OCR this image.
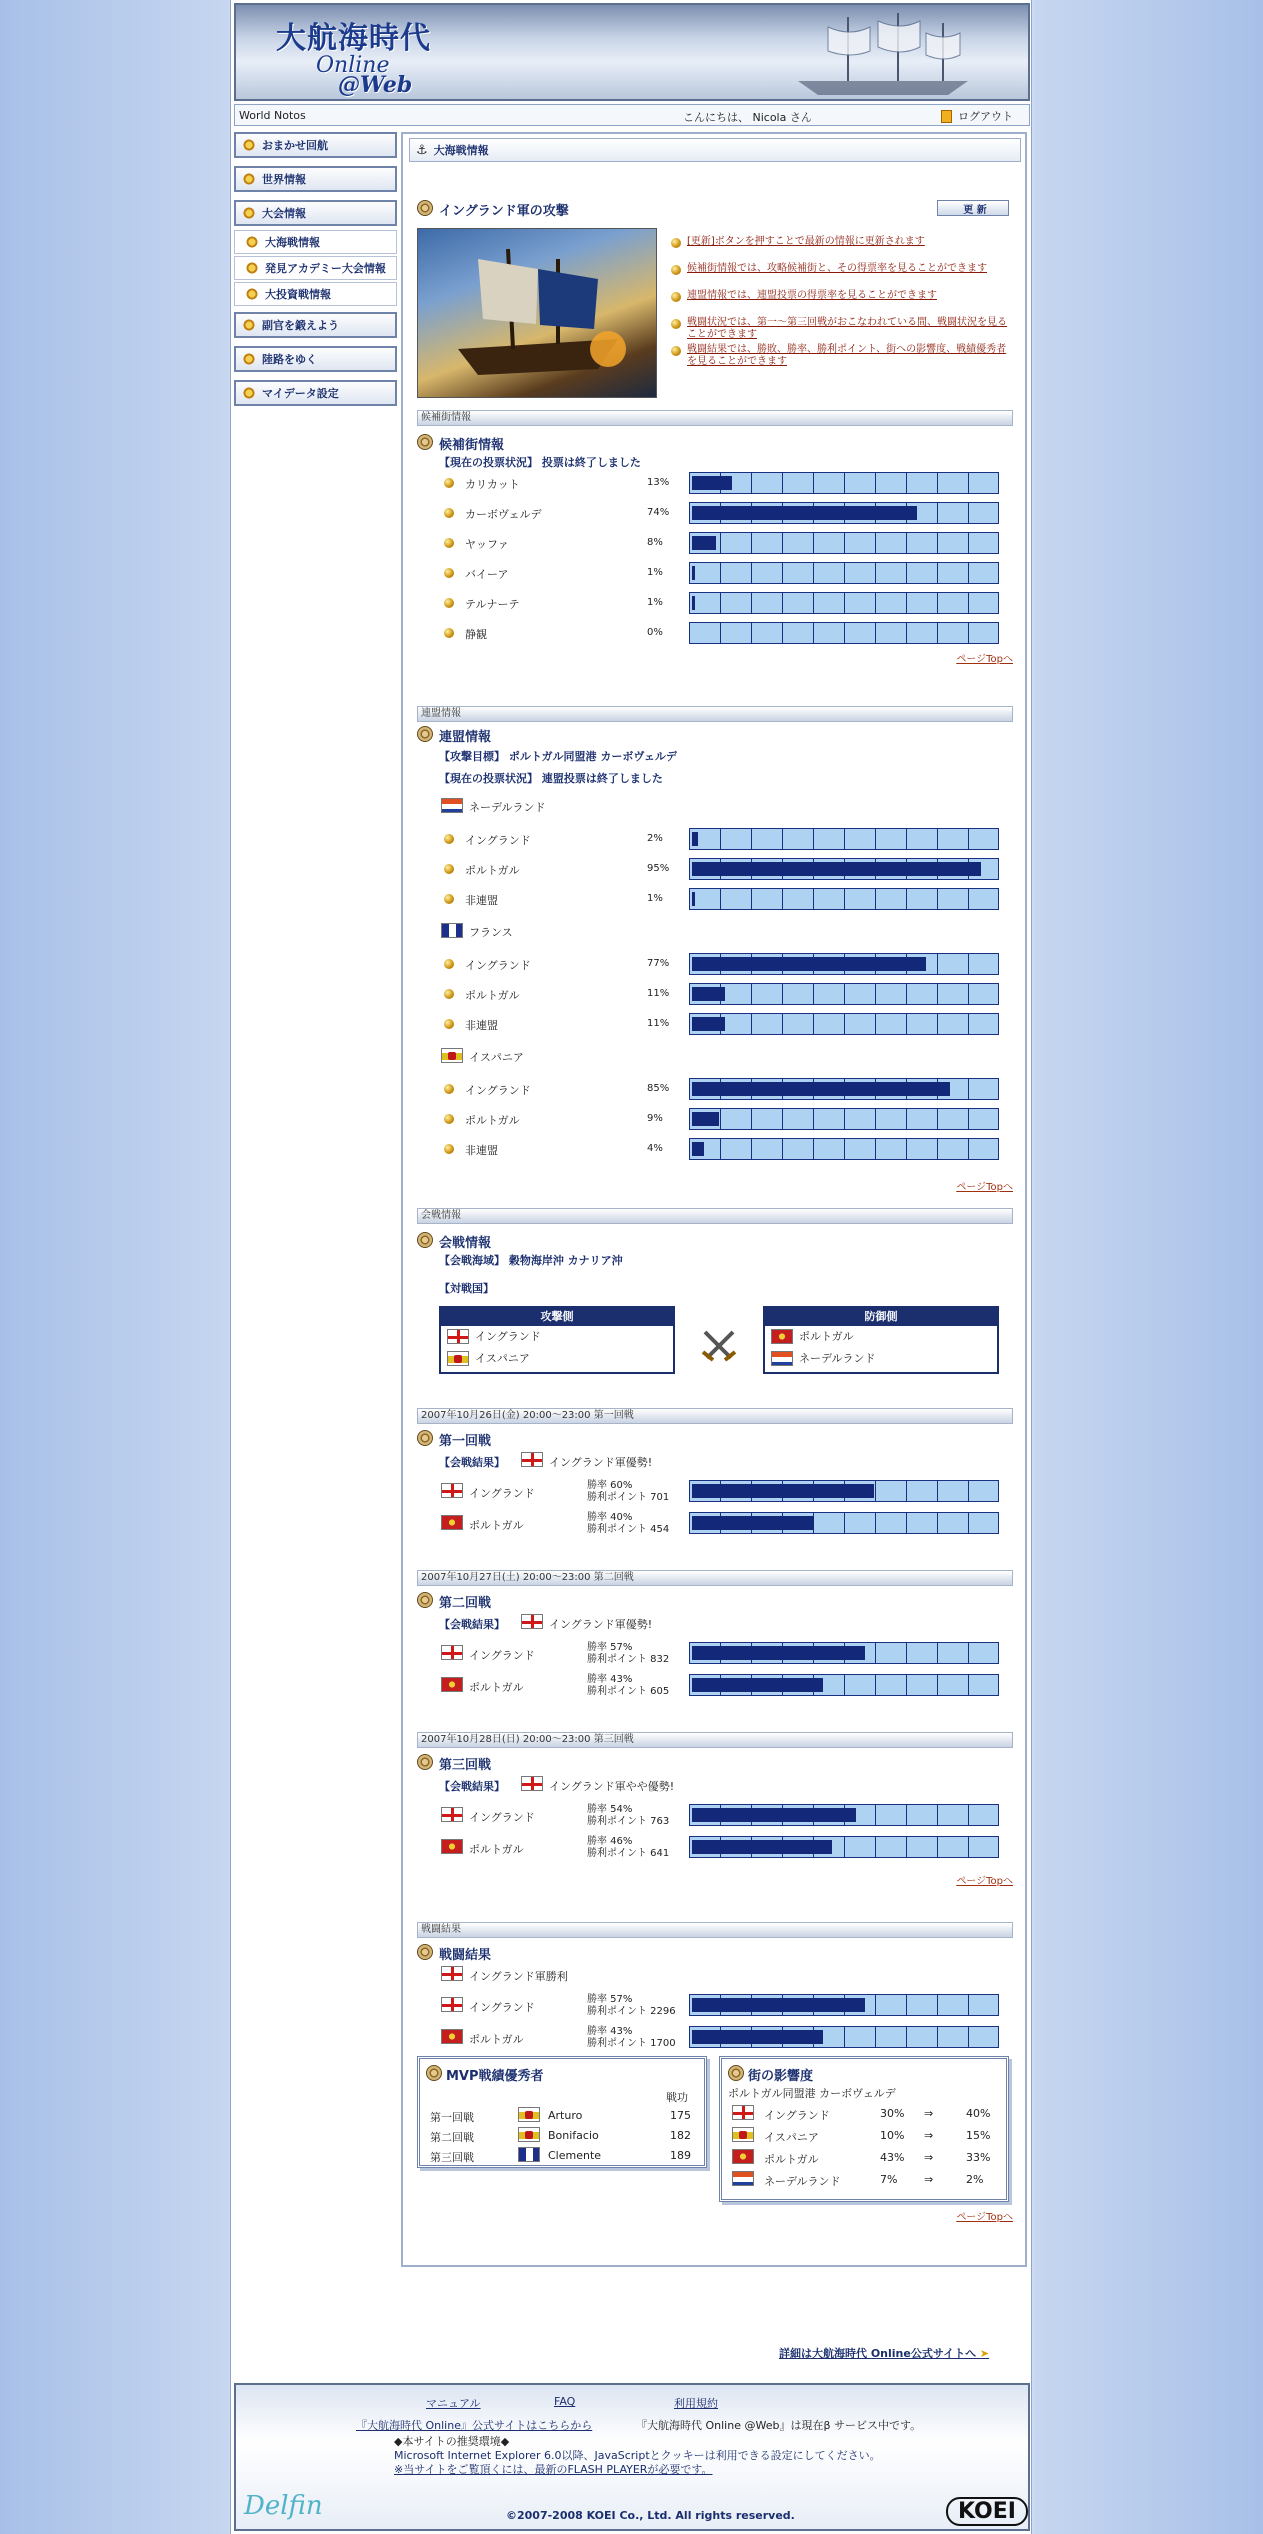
大航海時代
Online
@Web
World Notos	こんにちは、 Nicola さん	ログアウト
おまかせ回航
世界情報
大会情報
大海戦情報
発見アカデミー大会情報
大投資戦情報
副官を鍛えよう
陸路をゆく
マイデータ設定
⚓ 大海戦情報
イングランド軍の攻撃	更 新
[更新]ボタンを押すことで最新の情報に更新されます
候補街情報では、攻略候補街と、その得票率を見ることができます
連盟情報では、連盟投票の得票率を見ることができます
戦闘状況では、第一～第三回戦がおこなわれている間、戦闘状況を見ることができます
戦闘結果では、勝敗、勝率、勝利ポイント、街への影響度、戦績優秀者を見ることができます
候補街情報
候補街情報
【現在の投票状況】 投票は終了しました
カリカット	13%
カーボヴェルデ	74%
ヤッファ	8%
バイーア	1%
テルナーテ	1%
静観	0%
ページTopへ
連盟情報
連盟情報
【攻撃目標】 ポルトガル同盟港 カーボヴェルデ
【現在の投票状況】 連盟投票は終了しました
ネーデルランド
イングランド	2%
ポルトガル	95%
非連盟	1%
フランス
イングランド	77%
ポルトガル	11%
非連盟	11%
イスパニア
イングランド	85%
ポルトガル	9%
非連盟	4%
ページTopへ
会戦情報
会戦情報
【会戦海域】 穀物海岸沖 カナリア沖
【対戦国】
攻撃側
イングランド
イスパニア
防御側
ポルトガル
ネーデルランド
2007年10月26日(金) 20:00～23:00 第一回戦
第一回戦
【会戦結果】	イングランド軍優勢!
イングランド
勝率 60%
勝利ポイント 701
ポルトガル
勝率 40%
勝利ポイント 454
2007年10月27日(土) 20:00～23:00 第二回戦
第二回戦
【会戦結果】	イングランド軍優勢!
イングランド
勝率 57%
勝利ポイント 832
ポルトガル
勝率 43%
勝利ポイント 605
2007年10月28日(日) 20:00～23:00 第三回戦
第三回戦
【会戦結果】	イングランド軍やや優勢!
イングランド
勝率 54%
勝利ポイント 763
ポルトガル
勝率 46%
勝利ポイント 641
ページTopへ
戦闘結果
戦闘結果
イングランド軍勝利
イングランド
勝率 57%
勝利ポイント 2296
ポルトガル
勝率 43%
勝利ポイント 1700
MVP戦績優秀者
戦功
第一回戦	Arturo	175
第二回戦	Bonifacio	182
第三回戦	Clemente	189
街の影響度
ポルトガル同盟港 カーボヴェルデ
イングランド	30% ⇒	40%
イスパニア	10% ⇒	15%
ポルトガル	43% ⇒	33%
ネーデルランド	7% ⇒	2%
ページTopへ
詳細は大航海時代 Online公式サイトへ ➤
マニュアル	FAQ	利用規約
『大航海時代 Online』公式サイトはこちらから	『大航海時代 Online @Web』は現在β サービス中です。
◆本サイトの推奨環境◆
Microsoft Internet Explorer 6.0以降、JavaScriptとクッキーは利用できる設定にしてください。
※当サイトをご覧頂くには、最新のFLASH PLAYERが必要です。
Delfin	©2007-2008 KOEI Co., Ltd. All rights reserved.	KOEI
